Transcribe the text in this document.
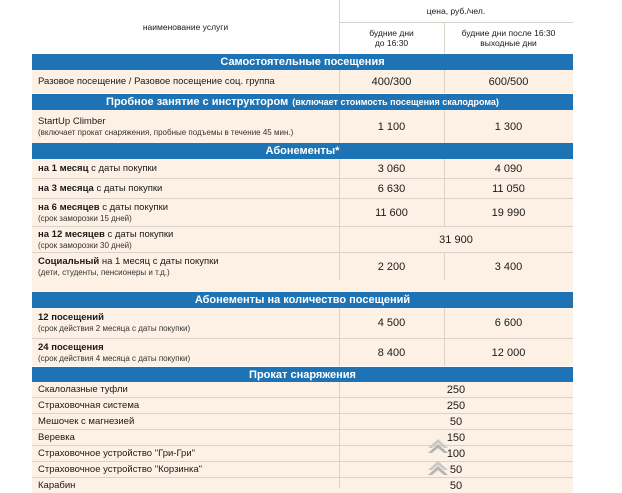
наименование услуги
цена, руб./чел.
будние дни
до 16:30
будние дни после 16:30
выходные дни
Самостоятельные посещения
Разовое посещение / Разовое посещение соц. группа	400/300	600/500
Пробное занятие с инструктором (включает стоимость посещения скалодрома)
StartUp Climber
(включает прокат снаряжения, пробные подъемы в течение 45 мин.)	1 100	1 300
Абонементы*
на 1 месяц с даты покупки	3 060	4 090
на 3 месяца с даты покупки	6 630	11 050
на 6 месяцев с даты покупки
(срок заморозки 15 дней)	11 600	19 990
на 12 месяцев с даты покупки
(срок заморозки 30 дней)	31 900
Социальный на 1 месяц с даты покупки
(дети, студенты, пенсионеры и т.д.)	2 200	3 400
Абонементы на количество посещений
12 посещений
(срок действия 2 месяца с даты покупки)	4 500	6 600
24 посещения
(срок действия 4 месяца с даты покупки)	8 400	12 000
Прокат снаряжения
Скалолазные туфли	250
Страховочная система	250
Мешочек с магнезией	50
Веревка	150
Страховочное устройство "Гри-Гри"	100
Страховочное устройство "Корзинка"	50
Карабин	50
